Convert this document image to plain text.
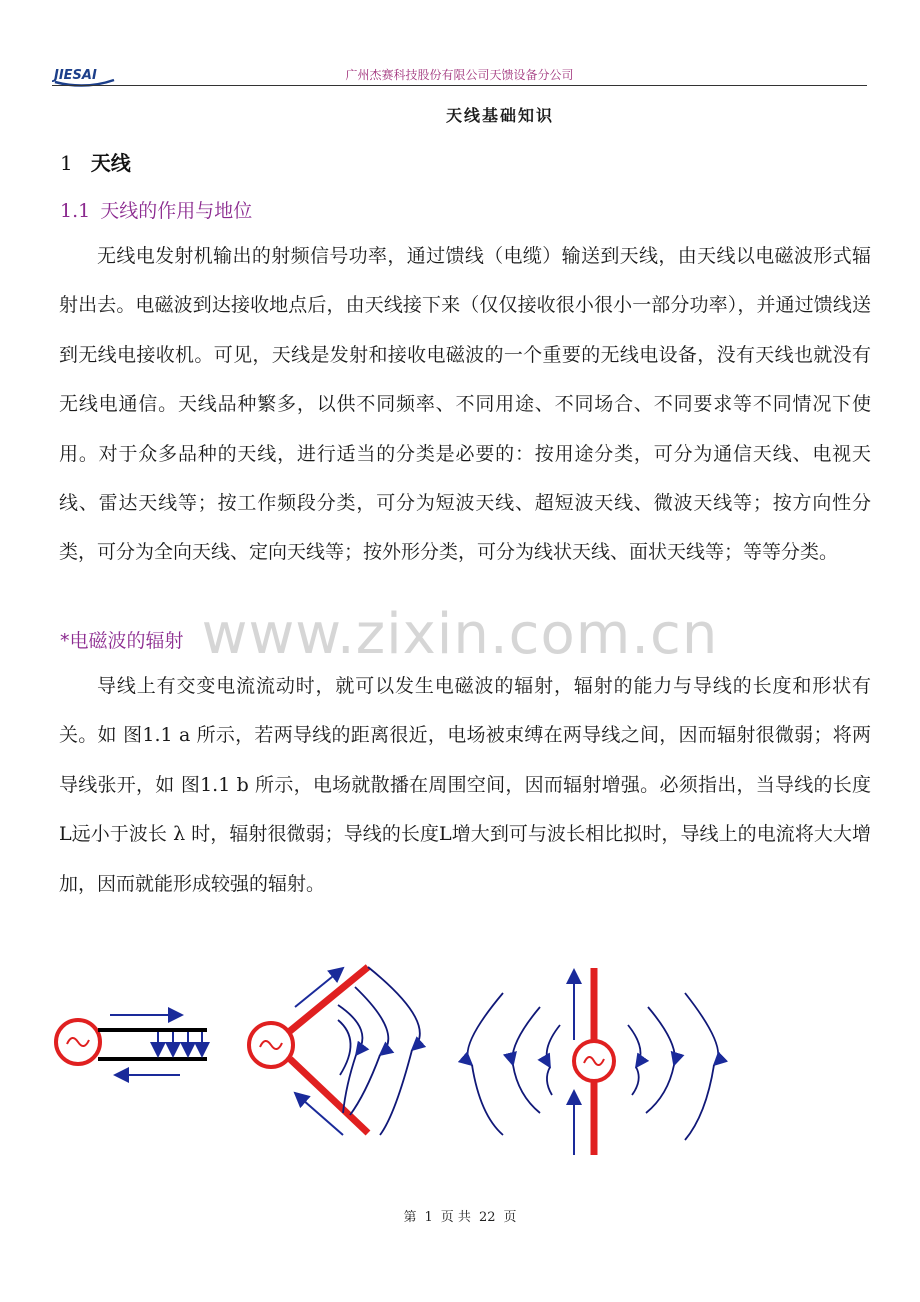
JIESAI	广州杰赛科技股份有限公司天馈设备分公司
天线基础知识
1 天线
1.1 天线的作用与地位

无线电发射机输出的射频信号功率，通过馈线（电缆）输送到天线，由天线以电磁波形式辐射出去。电磁波到达接收地点后，由天线接下来（仅仅接收很小很小一部分功率），并通过馈线送到无线电接收机。可见，天线是发射和接收电磁波的一个重要的无线电设备，没有天线也就没有无线电通信。天线品种繁多，以供不同频率、不同用途、不同场合、不同要求等不同情况下使用。对于众多品种的天线，进行适当的分类是必要的：按用途分类，可分为通信天线、电视天线、雷达天线等；按工作频段分类，可分为短波天线、超短波天线、微波天线等；按方向性分类，可分为全向天线、定向天线等；按外形分类，可分为线状天线、面状天线等；等等分类。

www.zixin.com.cn
*电磁波的辐射

导线上有交变电流流动时，就可以发生电磁波的辐射，辐射的能力与导线的长度和形状有关。如 图1.1 a 所示，若两导线的距离很近，电场被束缚在两导线之间，因而辐射很微弱；将两导线张开，如 图1.1 b 所示，电场就散播在周围空间，因而辐射增强。必须指出，当导线的长度L远小于波长 λ 时，辐射很微弱；导线的长度L增大到可与波长相比拟时，导线上的电流将大大增加，因而就能形成较强的辐射。

第 1 页 共 22 页
